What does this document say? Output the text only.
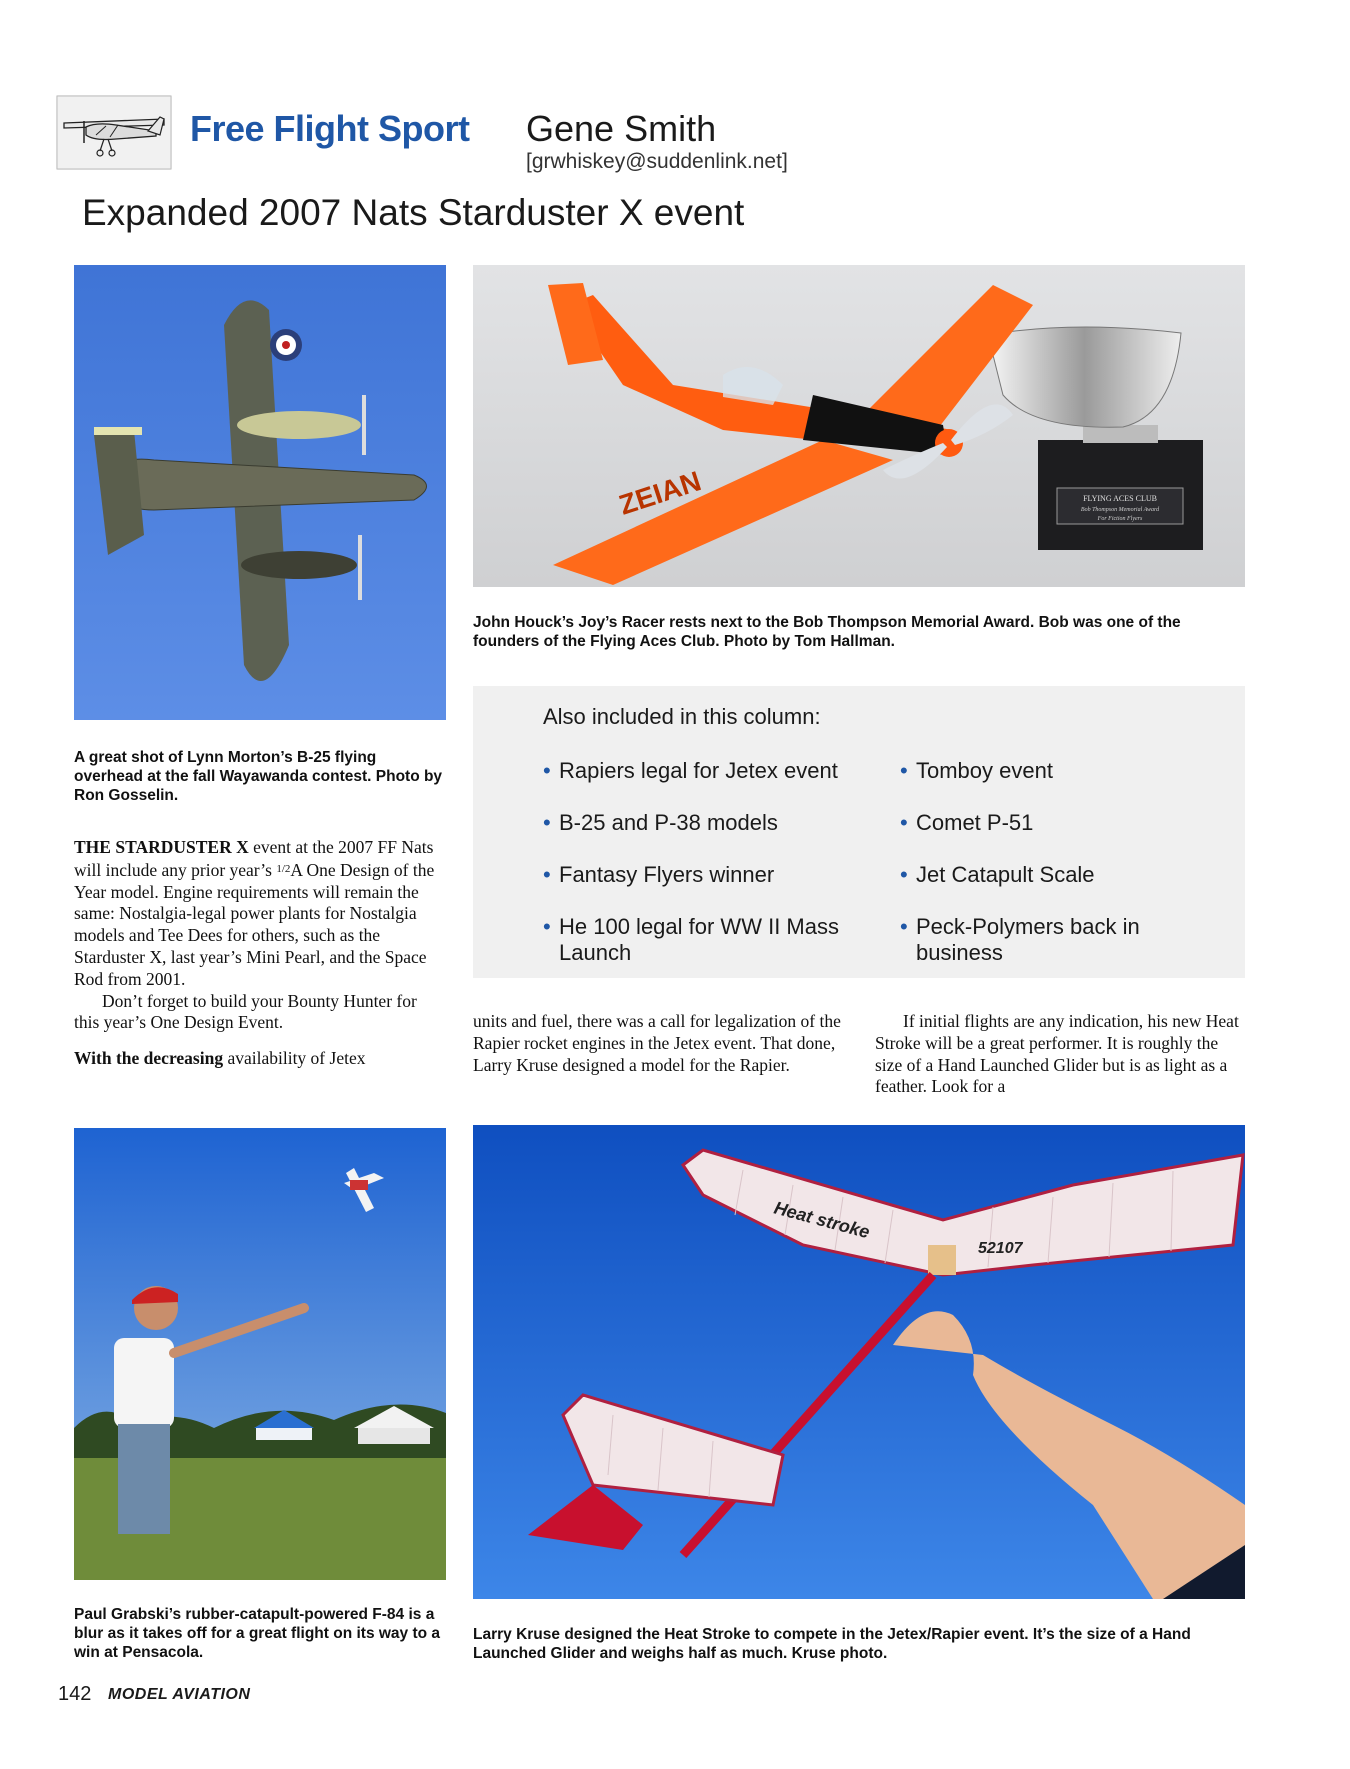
Free Flight Sport Gene Smith
[grwhiskey@suddenlink.net]
Expanded 2007 Nats Starduster X event
A great shot of Lynn Morton’s B-25 flying overhead at the fall Wayawanda contest. Photo by Ron Gosselin.
FLYING ACES CLUB
Bob Thompson Memorial Award
For Fiction Flyers
ZEIAN
John Houck’s Joy’s Racer rests next to the Bob Thompson Memorial Award. Bob was one of the founders of the Flying Aces Club. Photo by Tom Hallman.
Also included in this column:
• Rapiers legal for Jetex event
• B-25 and P-38 models
• Fantasy Flyers winner
• He 100 legal for WW II Mass Launch
• Tomboy event
• Comet P-51
• Jet Catapult Scale
• Peck-Polymers back in business

THE STARDUSTER X event at the 2007 FF Nats will include any prior year’s $^{1/2}$A One Design of the Year model. Engine requirements will remain the same: Nostalgia-legal power plants for Nostalgia models and Tee Dees for others, such as the Starduster X, last year’s Mini Pearl, and the Space Rod from 2001.

Don’t forget to build your Bounty Hunter for this year’s One Design Event.

With the decreasing availability of Jetex

units and fuel, there was a call for legalization of the Rapier rocket engines in the Jetex event. That done, Larry Kruse designed a model for the Rapier.

If initial flights are any indication, his new Heat Stroke will be a great performer. It is roughly the size of a Hand Launched Glider but is as light as a feather. Look for a

Paul Grabski’s rubber-catapult-powered F-84 is a blur as it takes off for a great flight on its way to a win at Pensacola.
Heat stroke
52107
Larry Kruse designed the Heat Stroke to compete in the Jetex/Rapier event. It’s the size of a Hand Launched Glider and weighs half as much. Kruse photo.
142 MODEL AVIATION
